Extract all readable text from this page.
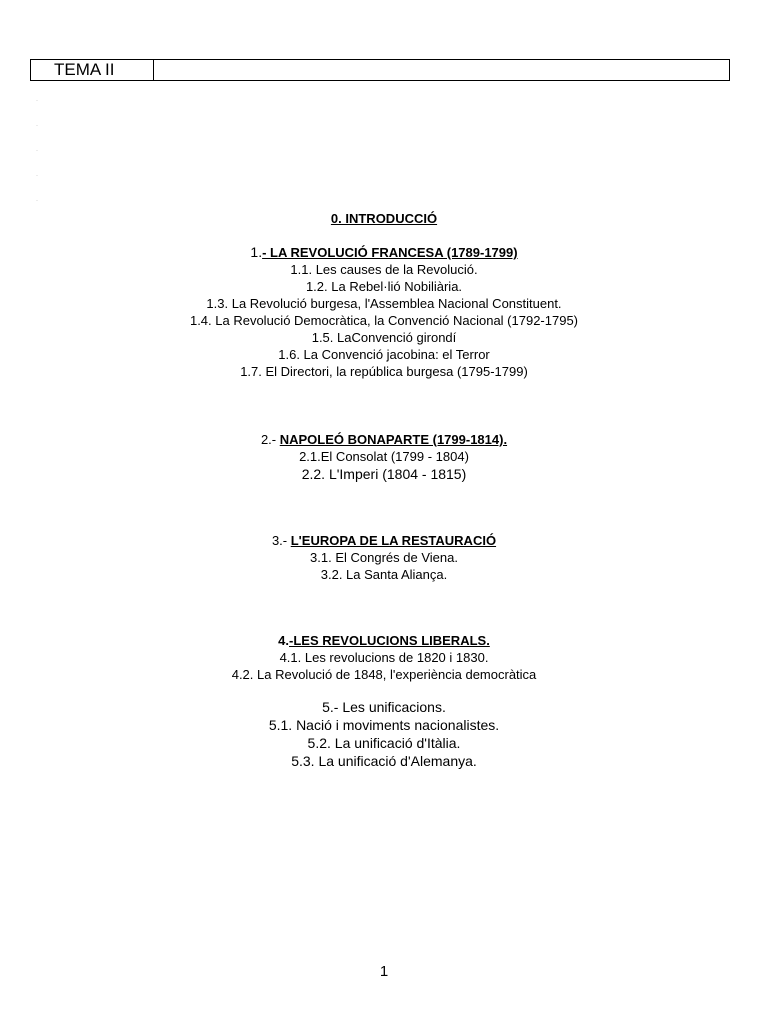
TEMA II
·
·
·
·
·
0. INTRODUCCIÓ
1.- LA REVOLUCIÓ FRANCESA (1789-1799)
1.1. Les causes de la Revolució.
1.2. La Rebel·lió Nobiliària.
1.3. La Revolució burgesa, l'Assemblea Nacional Constituent.
1.4. La Revolució Democràtica, la Convenció Nacional (1792-1795)
1.5. LaConvenció girondí
1.6. La Convenció jacobina: el Terror
1.7. El Directori, la república burgesa (1795-1799)
2.- NAPOLEÓ BONAPARTE (1799-1814).
2.1.El Consolat (1799 - 1804)
2.2. L'Imperi (1804 - 1815)
3.- L'EUROPA DE LA RESTAURACIÓ
3.1. El Congrés de Viena.
3.2. La Santa Aliança.
4.-LES REVOLUCIONS LIBERALS.
4.1. Les revolucions de 1820 i 1830.
4.2. La Revolució de 1848, l'experiència democràtica
5.- Les unificacions.
5.1. Nació i moviments nacionalistes.
5.2. La unificació d'Itàlia.
5.3. La unificació d'Alemanya.
1
